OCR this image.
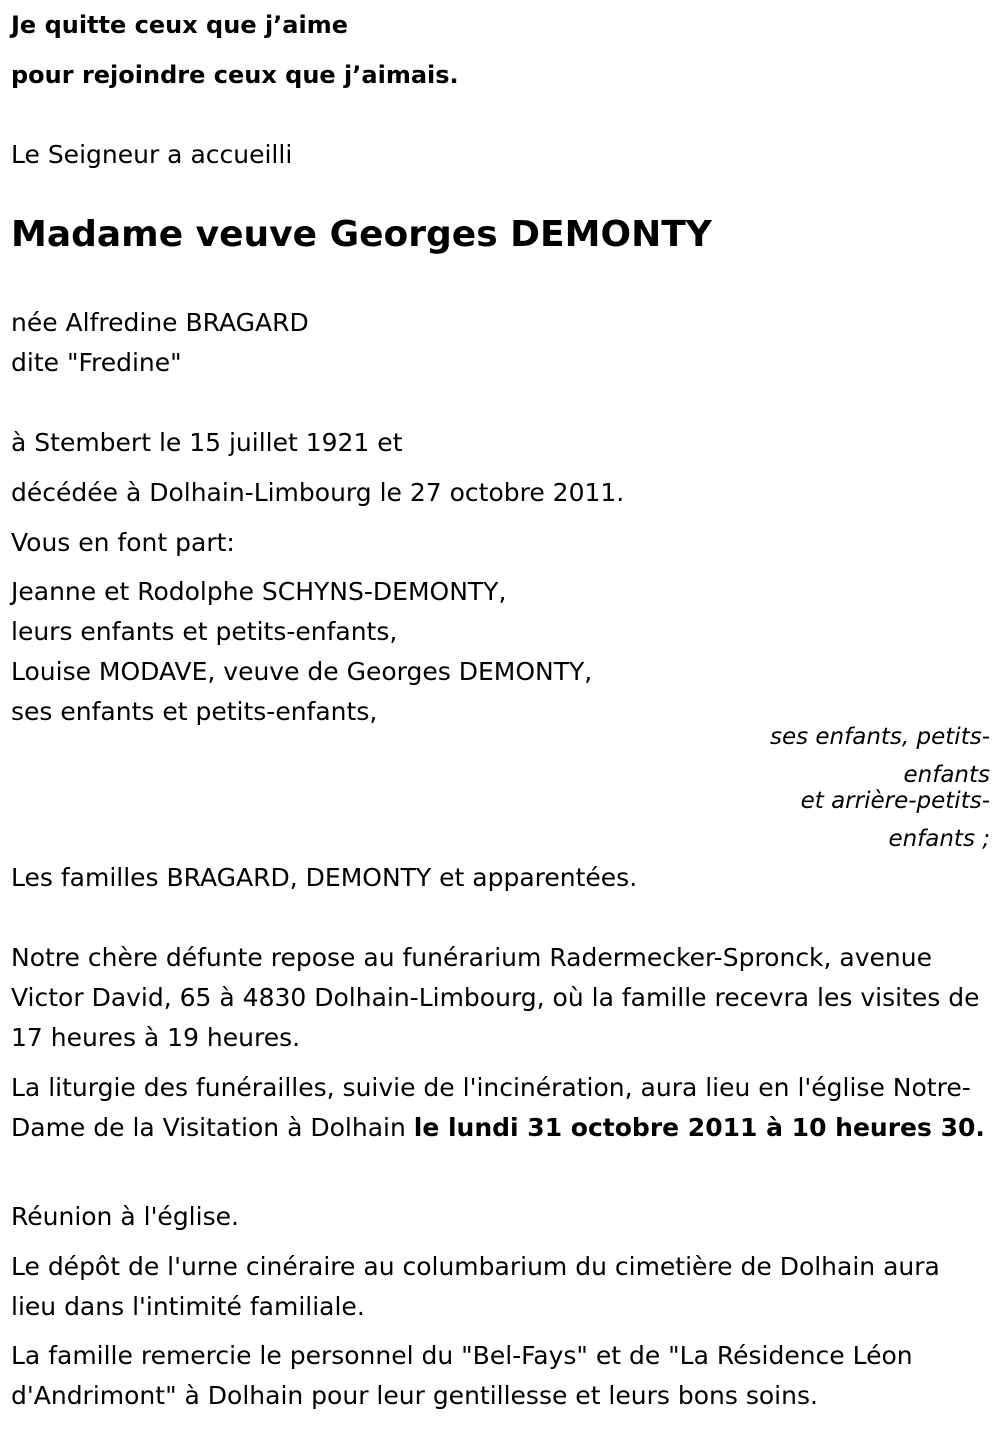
Je quitte ceux que j’aime
pour rejoindre ceux que j’aimais.
Le Seigneur a accueilli
Madame veuve Georges DEMONTY
née Alfredine BRAGARD
dite "Fredine"
à Stembert le 15 juillet 1921 et
décédée à Dolhain-Limbourg le 27 octobre 2011.
Vous en font part:
Jeanne et Rodolphe SCHYNS-DEMONTY,
leurs enfants et petits-enfants,
Louise MODAVE, veuve de Georges DEMONTY,
ses enfants et petits-enfants,
ses enfants, petits-enfants
et arrière-petits-enfants ;
Les familles BRAGARD, DEMONTY et apparentées.
Notre chère défunte repose au funérarium Radermecker-Spronck, avenue Victor David, 65 à 4830 Dolhain-Limbourg, où la famille recevra les visites de 17 heures à 19 heures.
La liturgie des funérailles, suivie de l'incinération, aura lieu en l'église Notre-Dame de la Visitation à Dolhain le lundi 31 octobre 2011 à 10 heures 30.
Réunion à l'église.
Le dépôt de l'urne cinéraire au columbarium du cimetière de Dolhain aura lieu dans l'intimité familiale.
La famille remercie le personnel du "Bel-Fays" et de "La Résidence Léon d'Andrimont" à Dolhain pour leur gentillesse et leurs bons soins.
